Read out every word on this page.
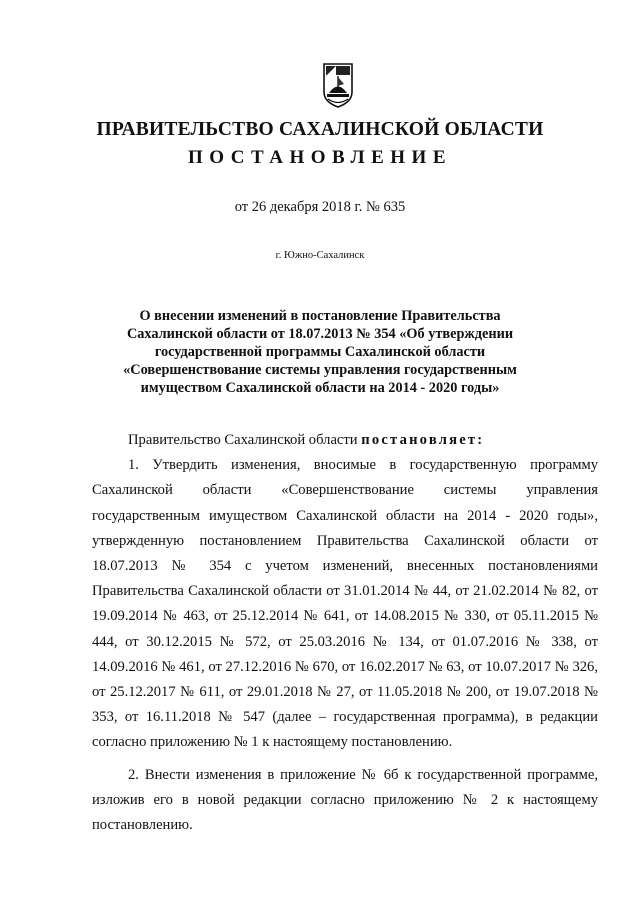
ПРАВИТЕЛЬСТВО САХАЛИНСКОЙ ОБЛАСТИ
ПОСТАНОВЛЕНИЕ
от 26 декабря 2018 г. № 635
г. Южно-Сахалинск
О внесении изменений в постановление Правительства Сахалинской области от 18.07.2013 № 354 «Об утверждении государственной программы Сахалинской области «Совершенствование системы управления государственным имуществом Сахалинской области на 2014 - 2020 годы»

Правительство Сахалинской области постановляет:

1. Утвердить изменения, вносимые в государственную программу Сахалинской области «Совершенствование системы управления государственным имуществом Сахалинской области на 2014 - 2020 годы», утвержденную постановлением Правительства Сахалинской области от 18.07.2013 № 354 с учетом изменений, внесенных постановлениями Правительства Сахалинской области от 31.01.2014 № 44, от 21.02.2014 № 82, от 19.09.2014 № 463, от 25.12.2014 № 641, от 14.08.2015 № 330, от 05.11.2015 № 444, от 30.12.2015 № 572, от 25.03.2016 № 134, от 01.07.2016 № 338, от 14.09.2016 № 461, от 27.12.2016 № 670, от 16.02.2017 № 63, от 10.07.2017 № 326, от 25.12.2017 № 611, от 29.01.2018 № 27, от 11.05.2018 № 200, от 19.07.2018 № 353, от 16.11.2018 № 547 (далее – государственная программа), в редакции согласно приложению № 1 к настоящему постановлению.

2. Внести изменения в приложение № 6б к государственной программе, изложив его в новой редакции согласно приложению № 2 к настоящему постановлению.
